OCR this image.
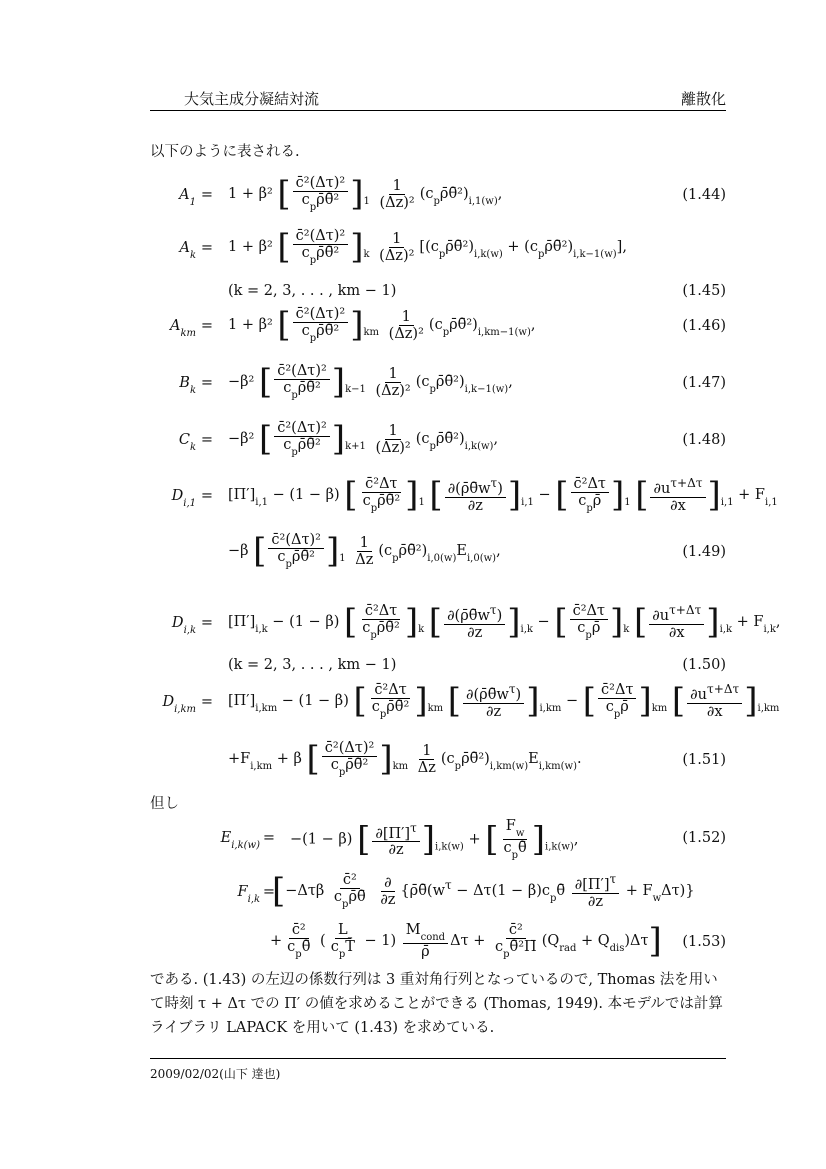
大気主成分凝結対流	離散化
以下のように表される.
$A_1 = 1 + \beta^2$ [ $\frac{\text{c̄²(Δτ)²}}{c_p\rhō\thetā^2} ]_1 \frac{1}{\text{(Δz)²}}$ $(c_p\rhō\thetā^2)_{i,1(w)}$,	(1.44)
$A_k = 1 + \beta^2$ [ $\frac{\text{c̄²(Δτ)²}}{c_p\rhō\thetā^2} ]_k \frac{1}{\text{(Δz)²}}$ [$(c_p\rhō\thetā^2)_{i,k(w)}$ + $(c_p\rhō\thetā^2)_{i,k-1(w)}$],
(k = 2, 3, . . . , km − 1)	(1.45)
$A_{km} = 1 + \beta^2$ [ $\frac{\text{c̄²(Δτ)²}}{c_p\rhō\thetā^2} ]_{km} \frac{1}{\text{(Δz)²}}$ $(c_p\rhō\thetā^2)_{i,km-1(w)}$,	(1.46)
$B_k = -\beta^2$ [ $\frac{\text{c̄²(Δτ)²}}{c_p\rhō\thetā^2} ]_{k-1} \frac{1}{\text{(Δz)²}}$ $(c_p\rhō\thetā^2)_{i,k-1(w)}$,	(1.47)
$C_k = -\beta^2$ [ $\frac{\text{c̄²(Δτ)²}}{c_p\rhō\thetā^2} ]_{k+1} \frac{1}{\text{(Δz)²}}$ $(c_p\rhō\thetā^2)_{i,k(w)}$,	(1.48)
$D_{i,1} = [\Pi']_{i,1} - (1 - \beta)$ [ $\frac{\text{c̄²Δτ}}{c_p\rhō\thetā^2} ]_1$ [ $\frac{\partial(\rhō\thetāw^\tau)}{\partial z} ]_{i,1}$ − [ $\frac{\text{c̄²Δτ}}{c_p\rhō} ]_1$ [ $\frac{\partial u^{\tau+\Delta\tau}}{\partial x} ]_{i,1} + F_{i,1}$
−β [ $\frac{\text{c̄²(Δτ)²}}{c_p\rhō\thetā^2} ]_1 \frac{1}{\Delta z}$ $(c_p\rhō\thetā^2)_{i,0(w)}E_{i,0(w)}$,	(1.49)
$D_{i,k} = [\Pi']_{i,k} - (1 - \beta)$ [ $\frac{\text{c̄²Δτ}}{c_p\rhō\thetā^2} ]_k$ [ $\frac{\partial(\rhō\thetāw^\tau)}{\partial z} ]_{i,k}$ − [ $\frac{\text{c̄²Δτ}}{c_p\rhō} ]_k$ [ $\frac{\partial u^{\tau+\Delta\tau}}{\partial x} ]_{i,k} + F_{i,k}$,
(k = 2, 3, . . . , km − 1)	(1.50)
$D_{i,km} = [\Pi']_{i,km} - (1 - \beta)$ [ $\frac{\text{c̄²Δτ}}{c_p\rhō\thetā^2} ]_{km}$ [ $\frac{\partial(\rhō\thetāw^\tau)}{\partial z} ]_{i,km}$ − [ $\frac{\text{c̄²Δτ}}{c_p\rhō} ]_{km}$ [ $\frac{\partial u^{\tau+\Delta\tau}}{\partial x} ]_{i,km}$
$+F_{i,km} + \beta$ [ $\frac{\text{c̄²(Δτ)²}}{c_p\rhō\thetā^2} ]_{km} \frac{1}{\Delta z}$ $(c_p\rhō\thetā^2)_{i,km(w)}E_{i,km(w)}$.	(1.51)
但し
$E_{i,k(w)} = -(1 - \beta)$ [ $\frac{\partial[\Pi']^\tau}{\partial z} ]_{i,k(w)}$ + [ $\frac{F_w}{c_p\thetā} ]_{i,k(w)}$,	(1.52)
$F_{i,k}$ =
[$-\Delta\tau\beta \frac{\text{c̄²}}{c_p\rhō\thetā}$
$\frac{\partial}{\partial z}$ {$\rhō\thetā(w^\tau - \Delta\tau(1$ − $\beta)c_p\thetā \frac{\partial[\Pi']^\tau}{\partial z} + F_w\Delta\tau$)}
+ $\frac{\text{c̄²}}{c_p\thetā}$ ( $\frac{L}{c_pT̄} - 1) \frac{M_{cond}}{\rhō}$ $\Delta\tau + \frac{\text{c̄²}}{c_p\thetā^2\Pī} (Q_{rad} + Q_{dis})\Delta\tau$] (1.53)
である. (1.43) の左辺の係数行列は 3 重対角行列となっているので, Thomas 法を用いて時刻 τ + Δτ での Π′ の値を求めることができる (Thomas, 1949). 本モデルでは計算ライブラリ LAPACK を用いて (1.43) を求めている.
2009/02/02(山下 達也)
